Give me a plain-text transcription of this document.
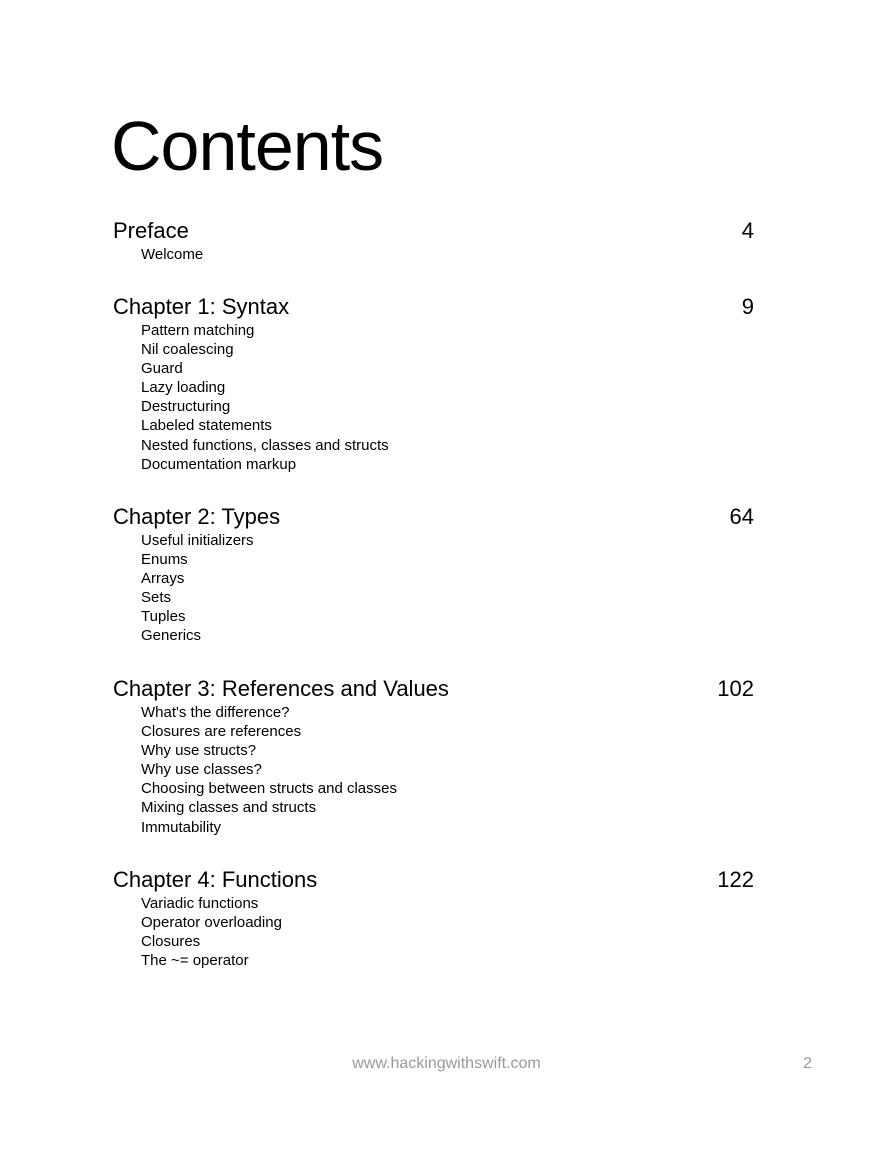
Contents
Preface	4
Welcome
Chapter 1: Syntax	9
Pattern matching
Nil coalescing
Guard
Lazy loading
Destructuring
Labeled statements
Nested functions, classes and structs
Documentation markup
Chapter 2: Types	64
Useful initializers
Enums
Arrays
Sets
Tuples
Generics
Chapter 3: References and Values	102
What's the difference?
Closures are references
Why use structs?
Why use classes?
Choosing between structs and classes
Mixing classes and structs
Immutability
Chapter 4: Functions	122
Variadic functions
Operator overloading
Closures
The ~= operator
www.hackingwithswift.com	2
